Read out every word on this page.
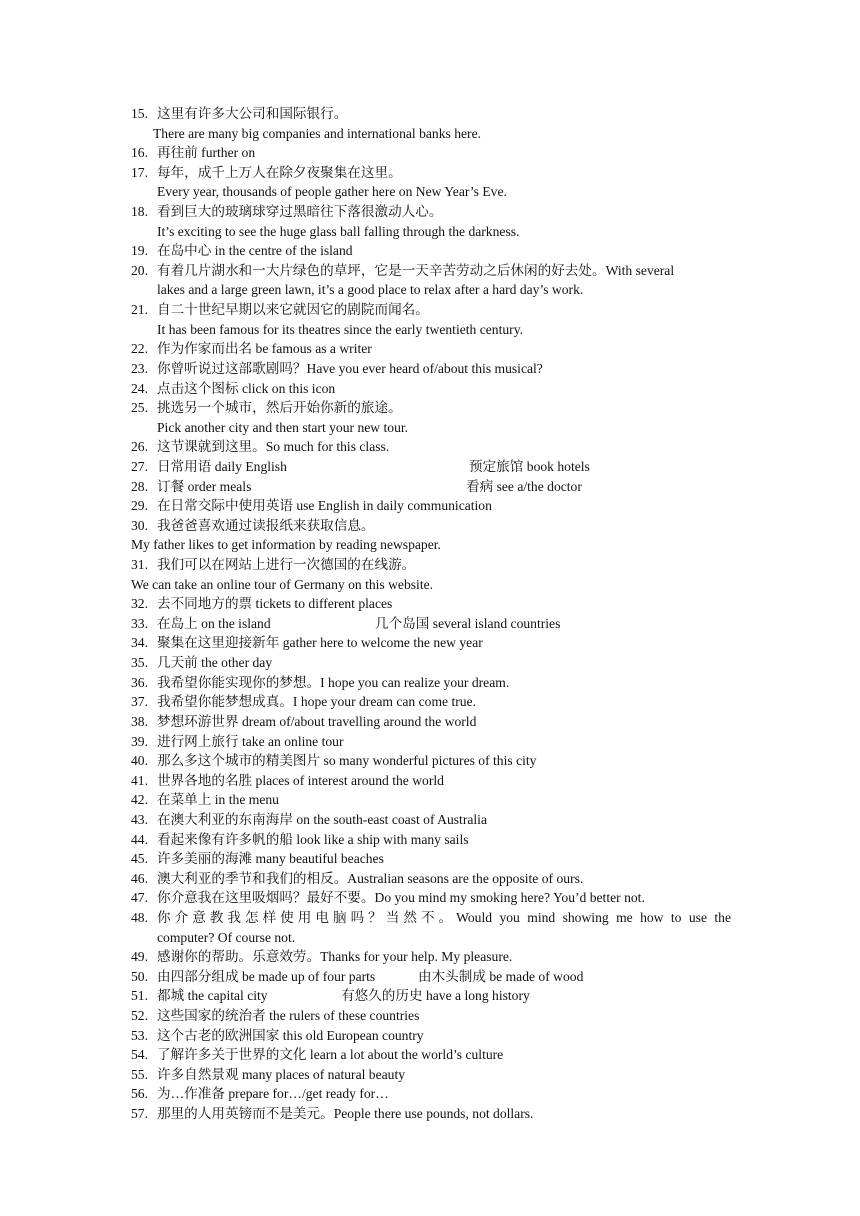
15. 这里有许多大公司和国际银行。
There are many big companies and international banks here.
16. 再往前 further on
17. 每年，成千上万人在除夕夜聚集在这里。
Every year, thousands of people gather here on New Year’s Eve.
18. 看到巨大的玻璃球穿过黑暗往下落很激动人心。
It’s exciting to see the huge glass ball falling through the darkness.
19. 在岛中心 in the centre of the island
20. 有着几片湖水和一大片绿色的草坪，它是一天辛苦劳动之后休闲的好去处。With several
lakes and a large green lawn, it’s a good place to relax after a hard day’s work.
21. 自二十世纪早期以来它就因它的剧院而闻名。
It has been famous for its theatres since the early twentieth century.
22. 作为作家而出名 be famous as a writer
23. 你曾听说过这部歌剧吗？Have you ever heard of/about this musical?
24. 点击这个图标 click on this icon
25. 挑选另一个城市，然后开始你新的旅途。
Pick another city and then start your new tour.
26. 这节课就到这里。So much for this class.
27. 日常用语 daily English	预定旅馆 book hotels
28. 订餐 order meals	看病 see a/the doctor
29. 在日常交际中使用英语 use English in daily communication
30. 我爸爸喜欢通过读报纸来获取信息。
My father likes to get information by reading newspaper.
31. 我们可以在网站上进行一次德国的在线游。
We can take an online tour of Germany on this website.
32. 去不同地方的票 tickets to different places
33. 在岛上 on the island	几个岛国 several island countries
34. 聚集在这里迎接新年 gather here to welcome the new year
35. 几天前 the other day
36. 我希望你能实现你的梦想。I hope you can realize your dream.
37. 我希望你能梦想成真。I hope your dream can come true.
38. 梦想环游世界 dream of/about travelling around the world
39. 进行网上旅行 take an online tour
40. 那么多这个城市的精美图片 so many wonderful pictures of this city
41. 世界各地的名胜 places of interest around the world
42. 在菜单上 in the menu
43. 在澳大利亚的东南海岸 on the south-east coast of Australia
44. 看起来像有许多帆的船 look like a ship with many sails
45. 许多美丽的海滩 many beautiful beaches
46. 澳大利亚的季节和我们的相反。Australian seasons are the opposite of ours.
47. 你介意我在这里吸烟吗？最好不要。Do you mind my smoking here? You’d better not.
48. 你介意教我怎样使用电脑吗？当然不。Would you mind showing me how to use the
computer? Of course not.
49. 感谢你的帮助。乐意效劳。Thanks for your help. My pleasure.
50. 由四部分组成 be made up of four parts	由木头制成 be made of wood
51. 都城 the capital city	有悠久的历史 have a long history
52. 这些国家的统治者 the rulers of these countries
53. 这个古老的欧洲国家 this old European country
54. 了解许多关于世界的文化 learn a lot about the world’s culture
55. 许多自然景观 many places of natural beauty
56. 为…作准备 prepare for…/get ready for…
57. 那里的人用英镑而不是美元。People there use pounds, not dollars.
